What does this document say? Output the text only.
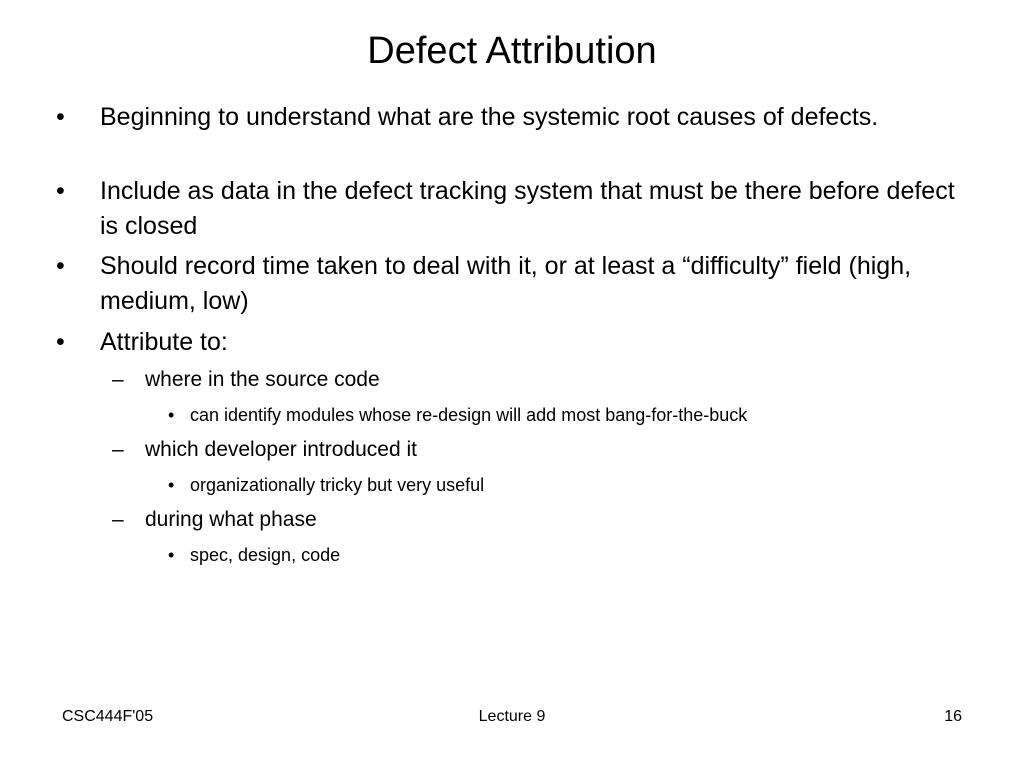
Defect Attribution
•	Beginning to understand what are the systemic root causes of defects.
•	Include as data in the defect tracking system that must be there before defect is closed
•	Should record time taken to deal with it, or at least a “difficulty” field (high, medium, low)
•	Attribute to:
– where in the source code
• can identify modules whose re-design will add most bang-for-the-buck
– which developer introduced it
• organizationally tricky but very useful
– during what phase
• spec, design, code
CSC444F'05	Lecture 9	16
